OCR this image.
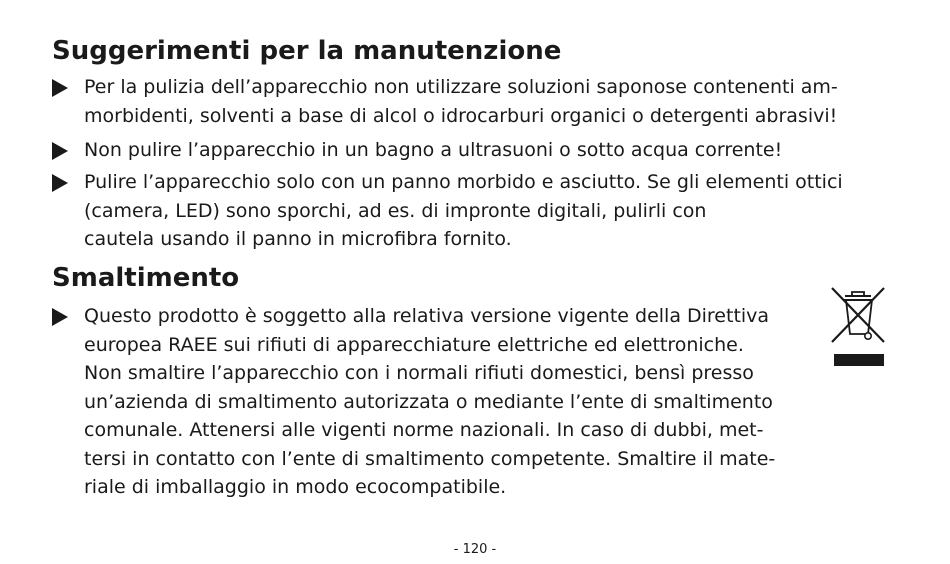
Suggerimenti per la manutenzione

Per la pulizia dell’apparecchio non utilizzare soluzioni saponose contenenti am-
morbidenti, solventi a base di alcol o idrocarburi organici o detergenti abrasivi!

Non pulire l’apparecchio in un bagno a ultrasuoni o sotto acqua corrente!

Pulire l’apparecchio solo con un panno morbido e asciutto. Se gli elementi ottici
(camera, LED) sono sporchi, ad es. di impronte digitali, pulirli con
cautela usando il panno in microfibra fornito.

Smaltimento

Questo prodotto è soggetto alla relativa versione vigente della Direttiva
europea RAEE sui rifiuti di apparecchiature elettriche ed elettroniche.
Non smaltire l’apparecchio con i normali rifiuti domestici, bensì presso
un’azienda di smaltimento autorizzata o mediante l’ente di smaltimento
comunale. Attenersi alle vigenti norme nazionali. In caso di dubbi, met-
tersi in contatto con l’ente di smaltimento competente. Smaltire il mate-
riale di imballaggio in modo ecocompatibile.

- 120 -
